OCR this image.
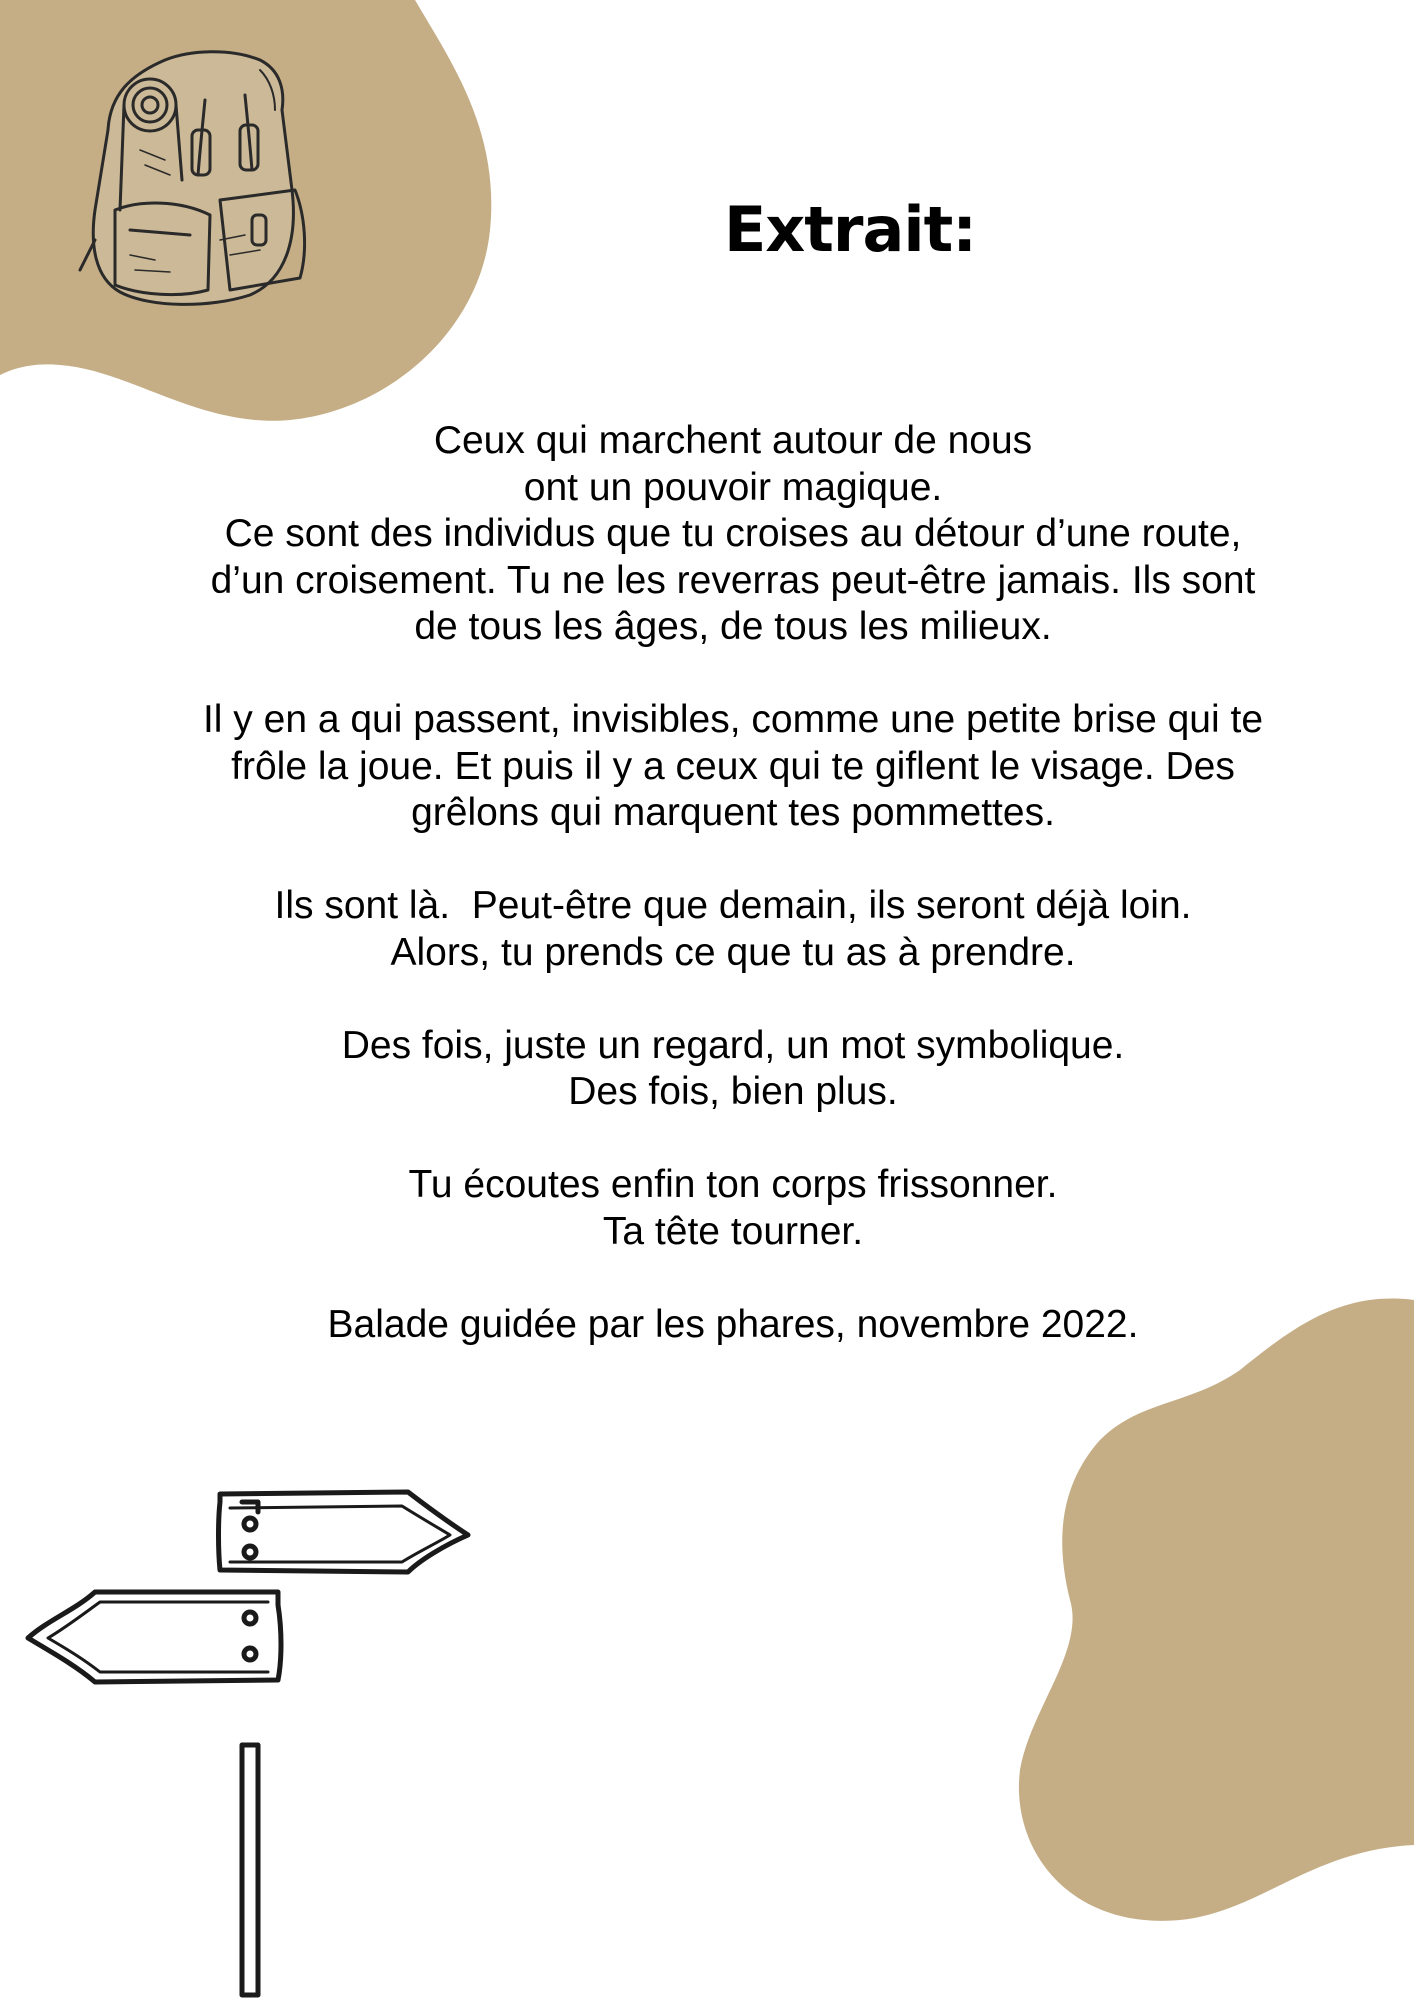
Extrait:
Ceux qui marchent autour de nous
ont un pouvoir magique.
Ce sont des individus que tu croises au détour d’une route,
d’un croisement. Tu ne les reverras peut-être jamais. Ils sont
de tous les âges, de tous les milieux.
Il y en a qui passent, invisibles, comme une petite brise qui te
frôle la joue. Et puis il y a ceux qui te giflent le visage. Des
grêlons qui marquent tes pommettes.
Ils sont là.  Peut-être que demain, ils seront déjà loin.
Alors, tu prends ce que tu as à prendre.
Des fois, juste un regard, un mot symbolique.
Des fois, bien plus.
Tu écoutes enfin ton corps frissonner.
Ta tête tourner.
Balade guidée par les phares, novembre 2022.
